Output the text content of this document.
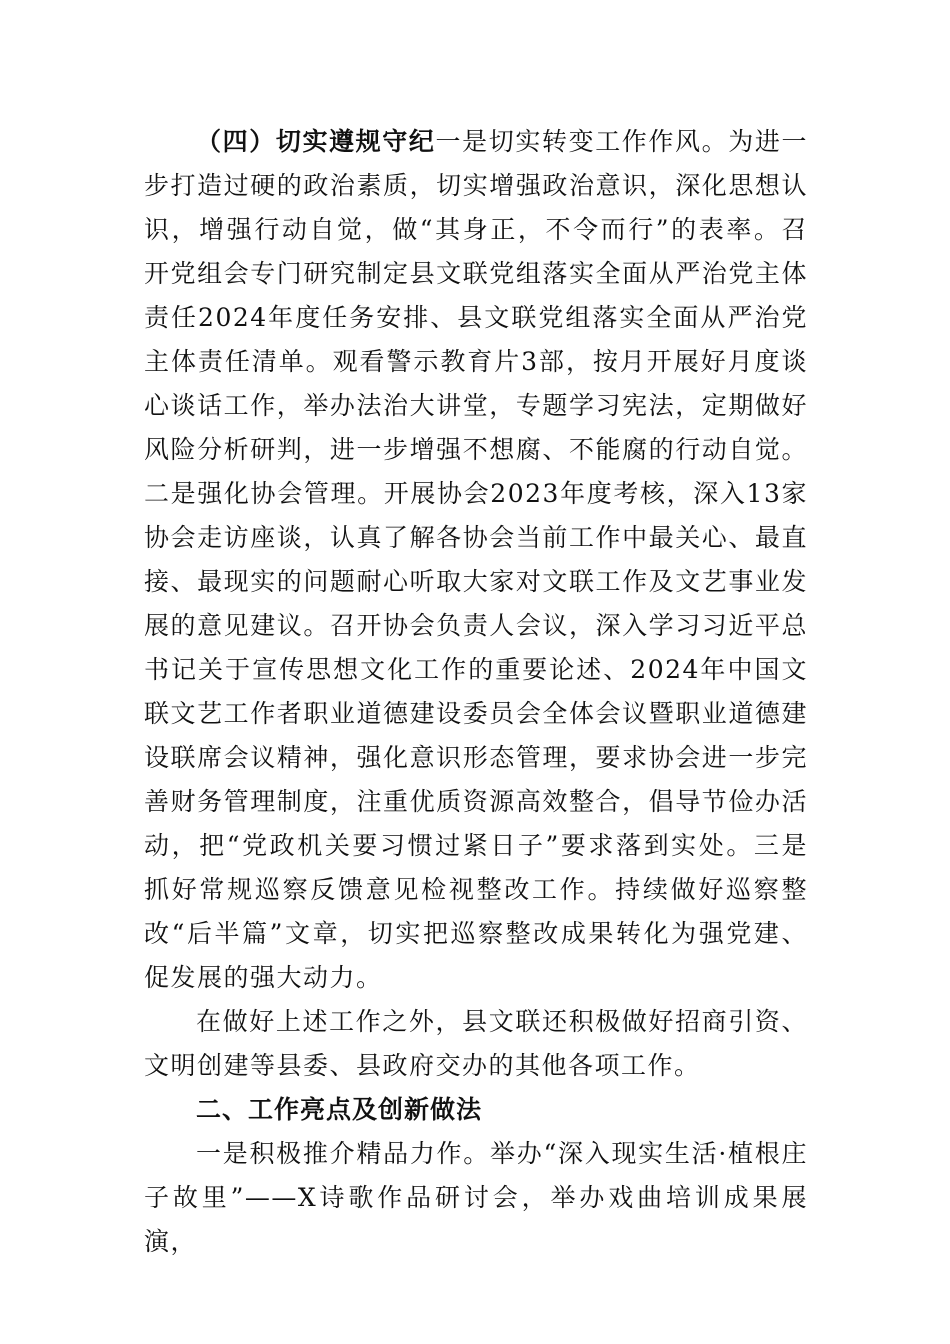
（四）切实遵规守纪一是切实转变工作作风。为进一步打造过硬的政治素质，切实增强政治意识，深化思想认识，增强行动自觉，做“其身正，不令而行”的表率。召开党组会专门研究制定县文联党组落实全面从严治党主体责任2024年度任务安排、县文联党组落实全面从严治党主体责任清单。观看警示教育片3部，按月开展好月度谈心谈话工作，举办法治大讲堂，专题学习宪法，定期做好风险分析研判，进一步增强不想腐、不能腐的行动自觉。二是强化协会管理。开展协会2023年度考核，深入13家协会走访座谈，认真了解各协会当前工作中最关心、最直接、最现实的问题耐心听取大家对文联工作及文艺事业发展的意见建议。召开协会负责人会议，深入学习习近平总书记关于宣传思想文化工作的重要论述、2024年中国文联文艺工作者职业道德建设委员会全体会议暨职业道德建设联席会议精神，强化意识形态管理，要求协会进一步完善财务管理制度，注重优质资源高效整合，倡导节俭办活动，把“党政机关要习惯过紧日子”要求落到实处。三是抓好常规巡察反馈意见检视整改工作。持续做好巡察整改“后半篇”文章，切实把巡察整改成果转化为强党建、促发展的强大动力。

在做好上述工作之外，县文联还积极做好招商引资、文明创建等县委、县政府交办的其他各项工作。

二、工作亮点及创新做法

一是积极推介精品力作。举办“深入现实生活·植根庄子故里”——X诗歌作品研讨会，举办戏曲培训成果展演，
